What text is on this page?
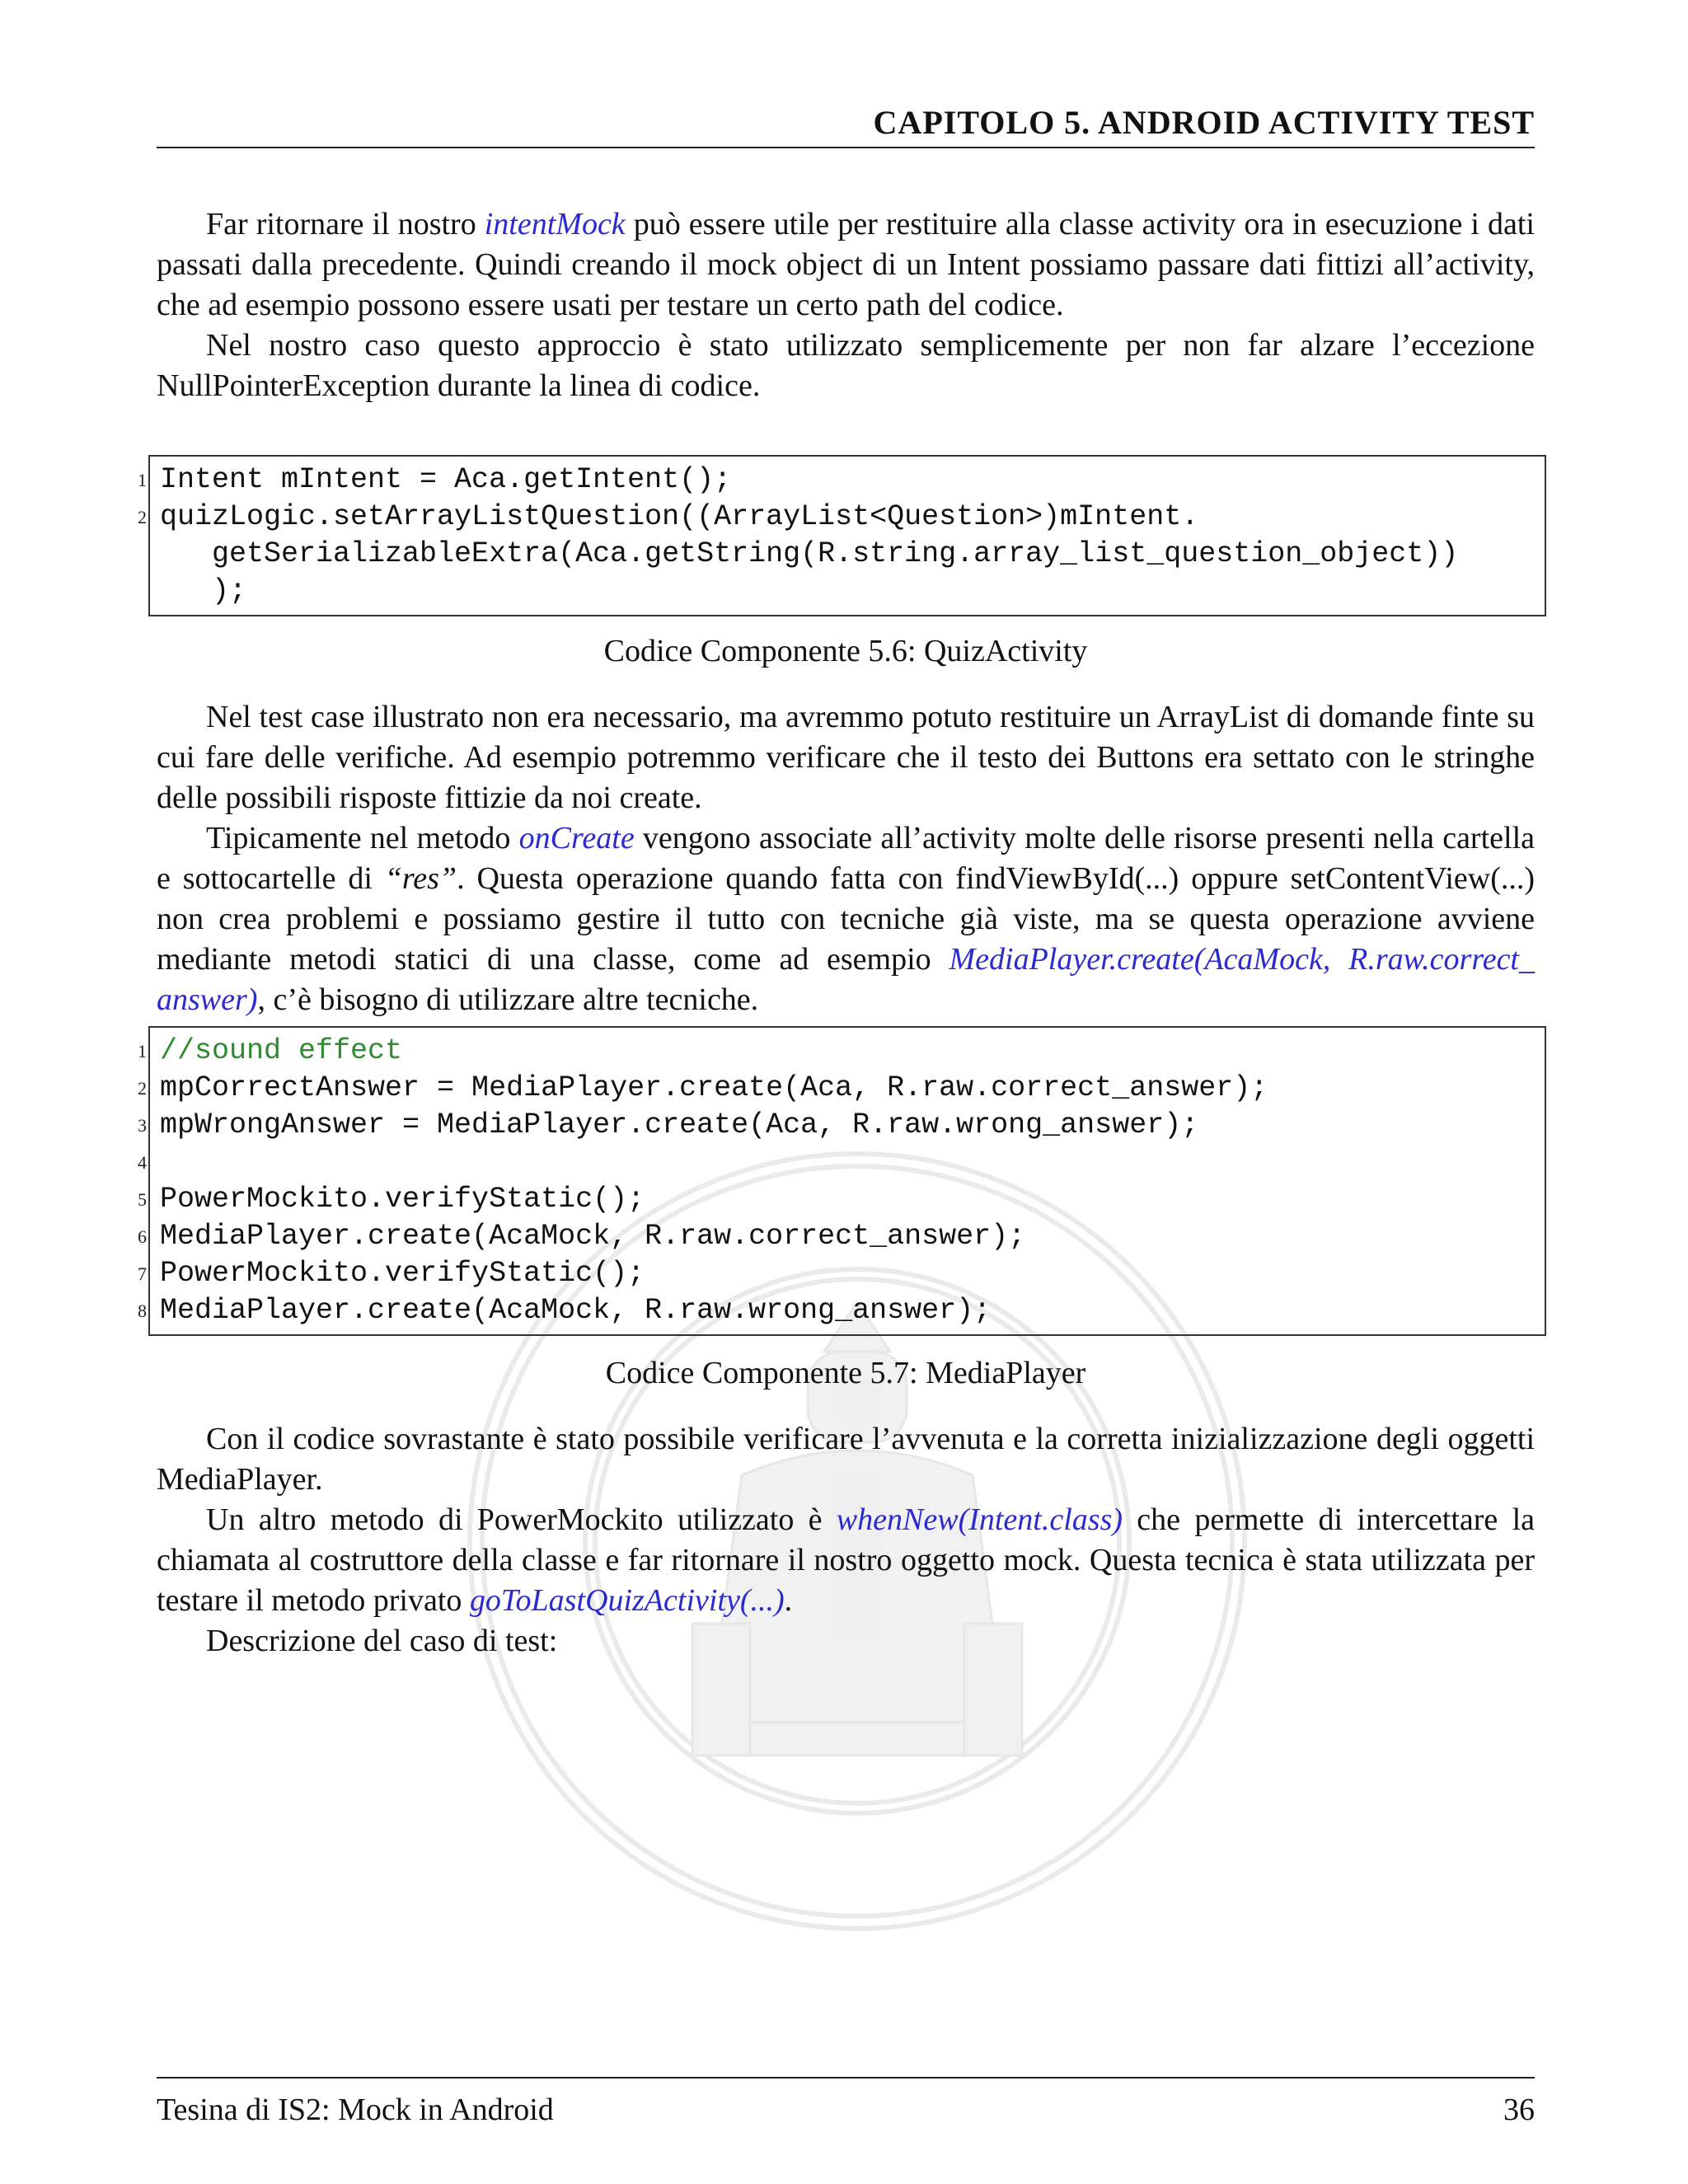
CAPITOLO 5. ANDROID ACTIVITY TEST

Far ritornare il nostro intentMock può essere utile per restituire alla classe activity ora in esecuzione i dati passati dalla precedente. Quindi creando il mock object di un Intent possiamo passare dati fittizi all’activity, che ad esempio possono essere usati per testare un certo path del codice.

Nel nostro caso questo approccio è stato utilizzato semplicemente per non far alzare l’eccezione NullPointerException durante la linea di codice.

1 Intent mIntent = Aca.getIntent();
2 quizLogic.setArrayListQuestion((ArrayList<Question>)mIntent.
getSerializableExtra(Aca.getString(R.string.array_list_question_object))
);
Codice Componente 5.6: QuizActivity

Nel test case illustrato non era necessario, ma avremmo potuto restituire un ArrayList di domande finte su cui fare delle verifiche. Ad esempio potremmo verificare che il testo dei Buttons era settato con le stringhe delle possibili risposte fittizie da noi create.

Tipicamente nel metodo onCreate vengono associate all’activity molte delle risorse presenti nella cartella e sottocartelle di “res”. Questa operazione quando fatta con findViewById(...) oppure setContentView(...) non crea problemi e possiamo gestire il tutto con tecniche già viste, ma se questa operazione avviene mediante metodi statici di una classe, come ad esempio MediaPlayer.create(AcaMock, R.raw.correct_ answer), c’è bisogno di utilizzare altre tecniche.

1 //sound effect
2 mpCorrectAnswer = MediaPlayer.create(Aca, R.raw.correct_answer);
3 mpWrongAnswer = MediaPlayer.create(Aca, R.raw.wrong_answer);
4

5 PowerMockito.verifyStatic();
6 MediaPlayer.create(AcaMock, R.raw.correct_answer);
7 PowerMockito.verifyStatic();
8 MediaPlayer.create(AcaMock, R.raw.wrong_answer);
Codice Componente 5.7: MediaPlayer

Con il codice sovrastante è stato possibile verificare l’avvenuta e la corretta inizializzazione degli oggetti MediaPlayer.

Un altro metodo di PowerMockito utilizzato è whenNew(Intent.class) che permette di intercettare la chiamata al costruttore della classe e far ritornare il nostro oggetto mock. Questa tecnica è stata utilizzata per testare il metodo privato goToLastQuizActivity(...).

Descrizione del caso di test:

Tesina di IS2: Mock in Android	36
